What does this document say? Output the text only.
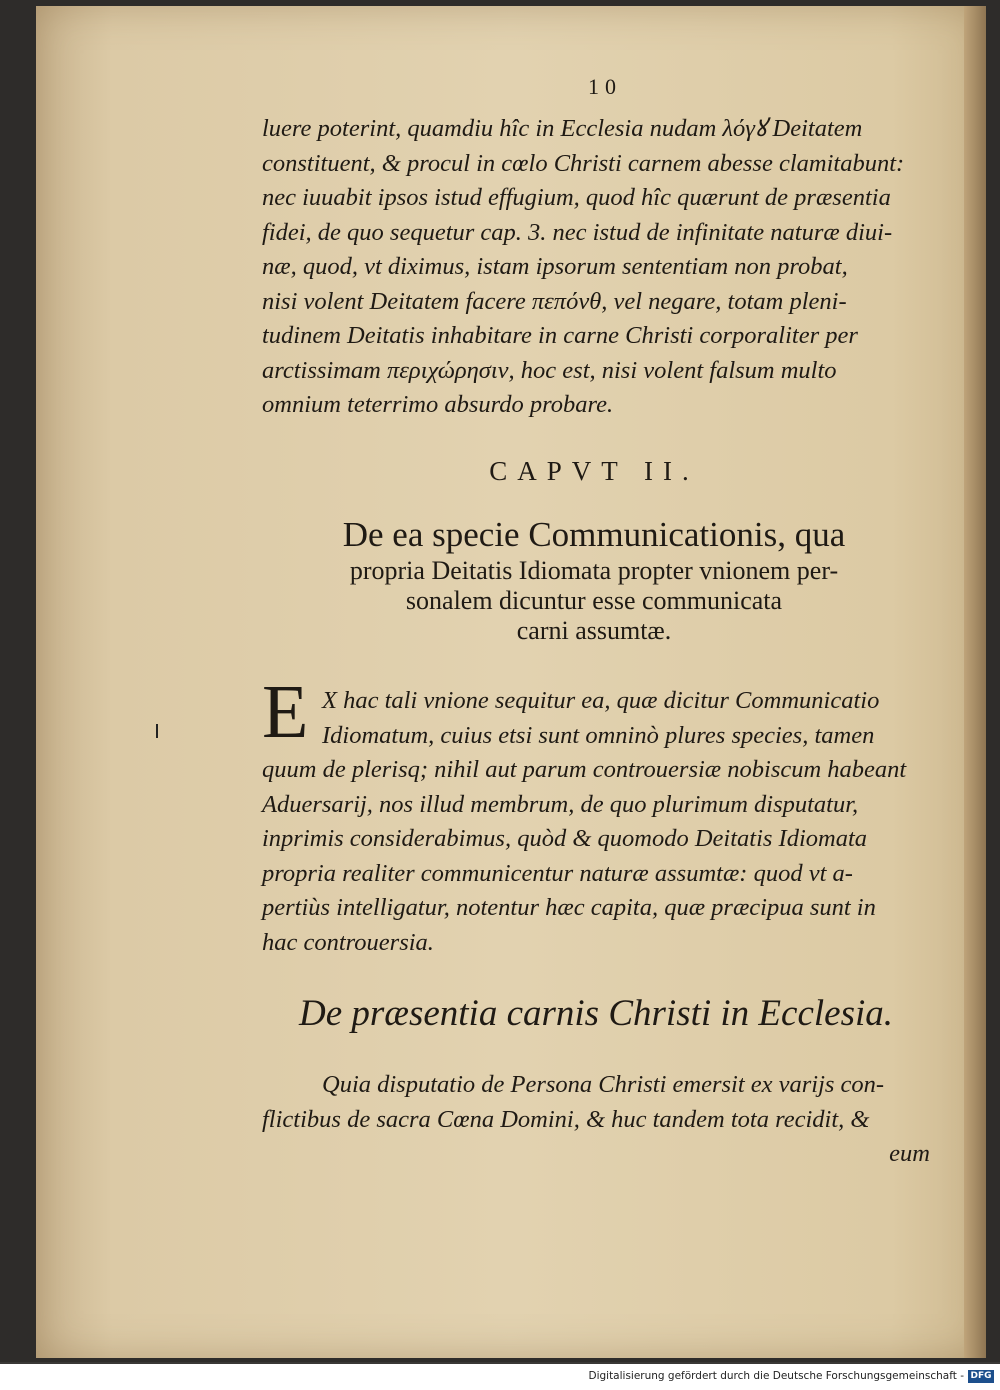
10
luere poterint, quamdiu hîc in Ecclesia nudam λόγꙋ Deitatem
constituent, & procul in cœlo Christi carnem abesse clamitabunt:
nec iuuabit ipsos istud effugium, quod hîc quærunt de præsentia
fidei, de quo sequetur cap. 3. nec istud de infinitate naturæ diui-
næ, quod, vt diximus, istam ipsorum sententiam non probat,
nisi volent Deitatem facere πεπόνθ, vel negare, totam pleni-
tudinem Deitatis inhabitare in carne Christi corporaliter per
arctissimam περιχώρησιν, hoc est, nisi volent falsum multo
omnium teterrimo absurdo probare.
CAPVT II.
De ea specie Communicationis, qua
propria Deitatis Idiomata propter vnionem per-
sonalem dicuntur esse communicata
carni assumtæ.
E X hac tali vnione sequitur ea, quæ dicitur Communicatio
Idiomatum, cuius etsi sunt omninò plures species, tamen
quum de plerisq; nihil aut parum controuersiæ nobiscum habeant
Aduersarij, nos illud membrum, de quo plurimum disputatur,
inprimis considerabimus, quòd & quomodo Deitatis Idiomata
propria realiter communicentur naturæ assumtæ: quod vt a-
pertiùs intelligatur, notentur hæc capita, quæ præcipua sunt in
hac controuersia.
De præsentia carnis Christi in Ecclesia.
Quia disputatio de Persona Christi emersit ex varijs con-
flictibus de sacra Cœna Domini, & huc tandem tota recidit, &
eum
Digitalisierung gefördert durch die Deutsche Forschungsgemeinschaft - DFG
